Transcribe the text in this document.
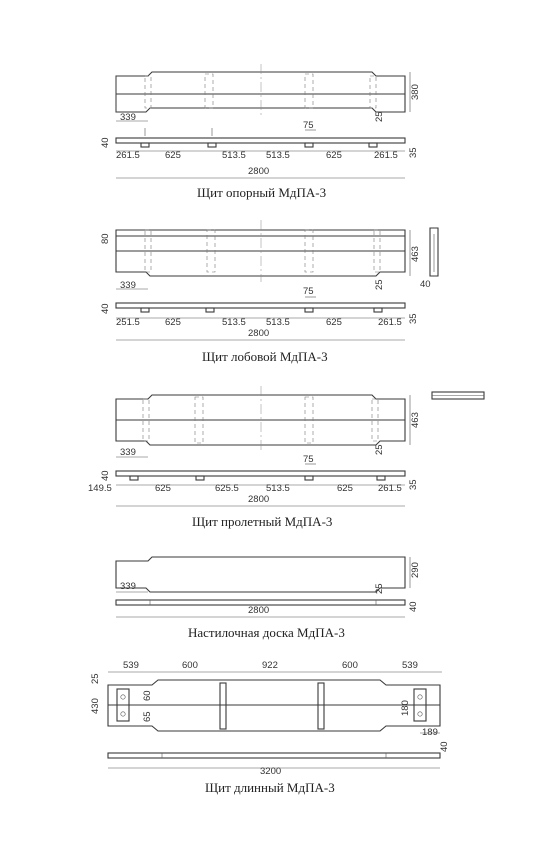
339
380
25
75
40
35
261.5	625	513.5 513.5	625	261.5
2800
Щит опорный МдПА-3
80
339
463
25	40
75
40
35
251.5	625	513.5 513.5	625	261.5
2800
Щит лобовой МдПА-3
339
463
25
75
40
35
149.5	625	625.5	513.5	625	261.5
2800
Щит пролетный МдПА-3
339
290
25
40
2800
Настилочная доска МдПА-3
539	600	922	600	539
25
430
60
65
180
189
40
3200
Щит длинный МдПА-3
